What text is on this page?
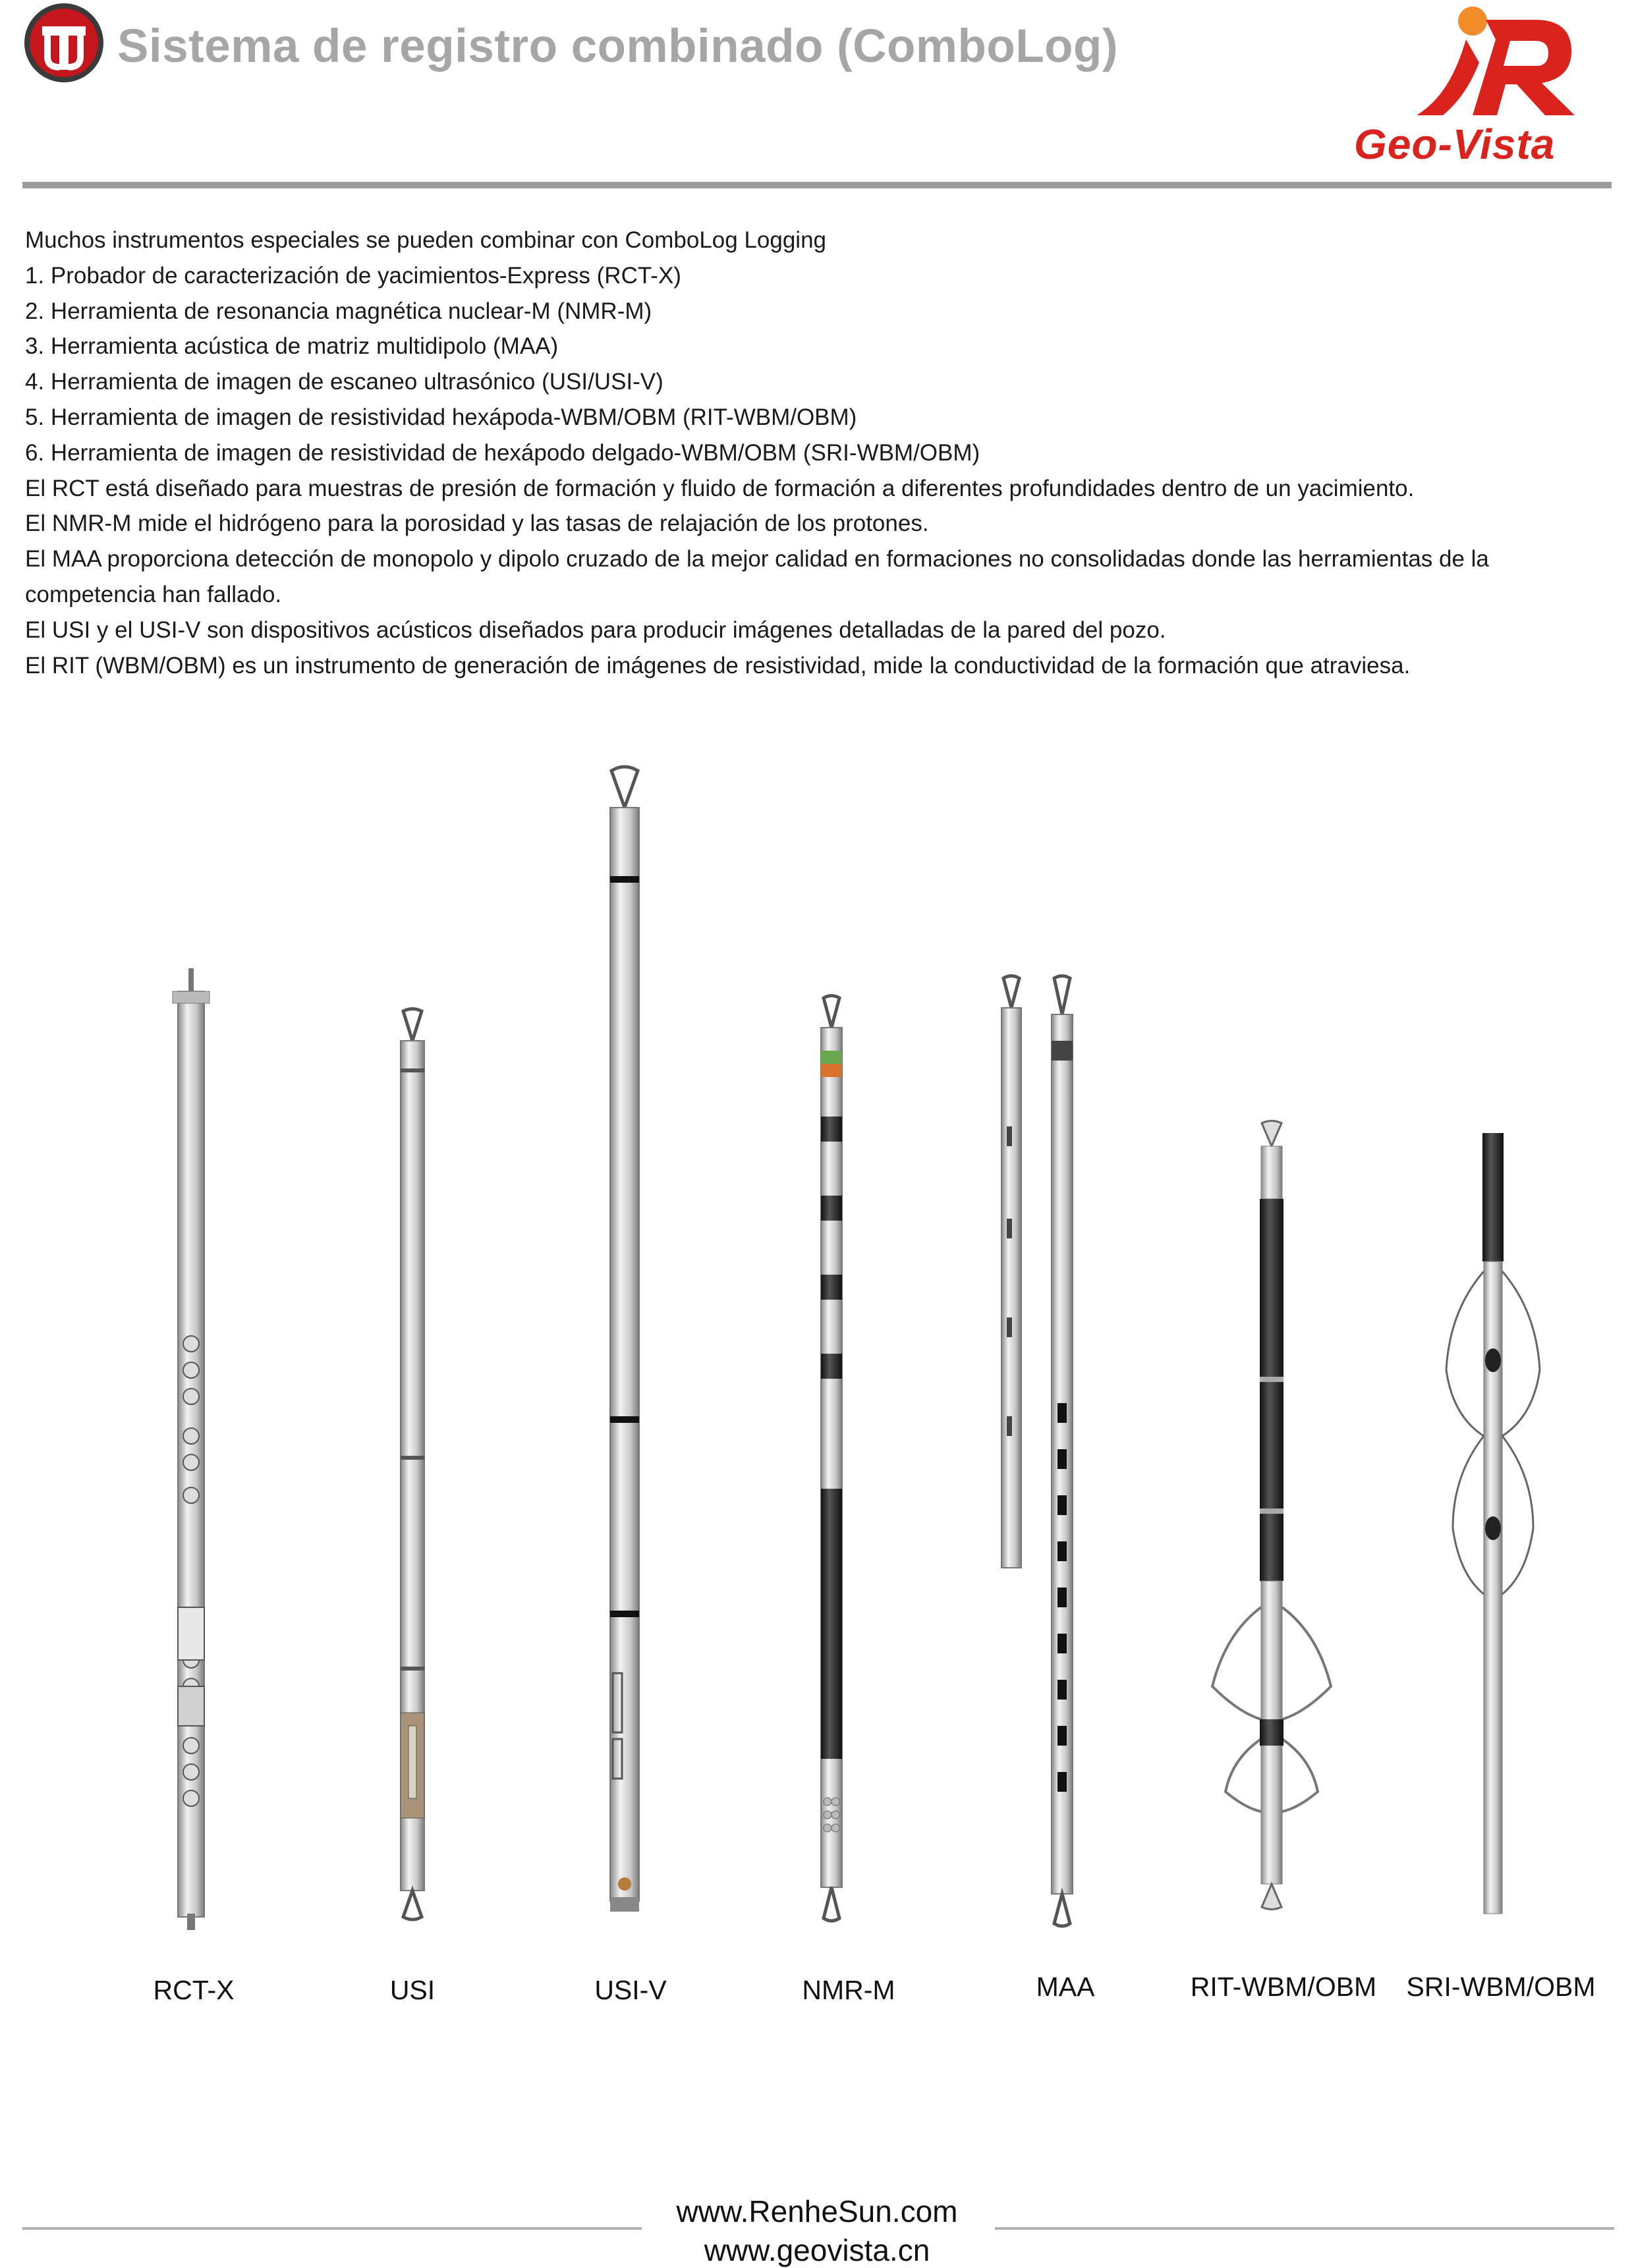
Sistema de registro combinado (ComboLog)
Geo-Vista

Muchos instrumentos especiales se pueden combinar con ComboLog Logging

1. Probador de caracterización de yacimientos-Express (RCT-X)

2. Herramienta de resonancia magnética nuclear-M (NMR-M)

3. Herramienta acústica de matriz multidipolo (MAA)

4. Herramienta de imagen de escaneo ultrasónico (USI/USI-V)

5. Herramienta de imagen de resistividad hexápoda-WBM/OBM (RIT-WBM/OBM)

6. Herramienta de imagen de resistividad de hexápodo delgado-WBM/OBM (SRI-WBM/OBM)

El RCT está diseñado para muestras de presión de formación y fluido de formación a diferentes profundidades dentro de un yacimiento.

El NMR-M mide el hidrógeno para la porosidad y las tasas de relajación de los protones.

El MAA proporciona detección de monopolo y dipolo cruzado de la mejor calidad en formaciones no consolidadas donde las herramientas de la

competencia han fallado.

El USI y el USI-V son dispositivos acústicos diseñados para producir imágenes detalladas de la pared del pozo.

El RIT (WBM/OBM) es un instrumento de generación de imágenes de resistividad, mide la conductividad de la formación que atraviesa.

RCT-X	USI	USI-V	NMR-M	MAA	RIT-WBM/OBM SRI-WBM/OBM
www.RenheSun.com
www.geovista.cn
